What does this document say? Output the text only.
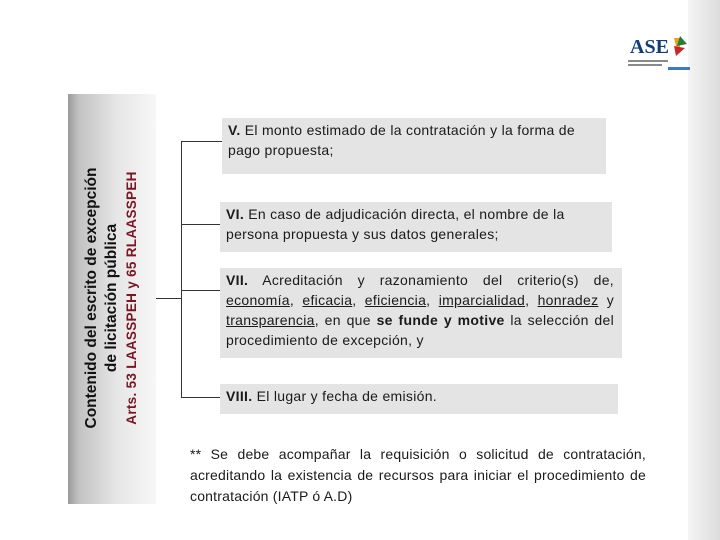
ASE
Contenido del escrito de excepción de licitación pública Arts. 53 LAASSPEH y 65 RLAASSPEH
V. El monto estimado de la contratación y la forma de pago propuesta;
VI. En caso de adjudicación directa, el nombre de la persona propuesta y sus datos generales;
VII. Acreditación y razonamiento del criterio(s) de, economía, eficacia, eficiencia, imparcialidad, honradez y transparencia, en que se funde y motive la selección del procedimiento de excepción, y
VIII. El lugar y fecha de emisión.
** Se debe acompañar la requisición o solicitud de contratación, acreditando la existencia de recursos para iniciar el procedimiento de contratación (IATP ó A.D)
